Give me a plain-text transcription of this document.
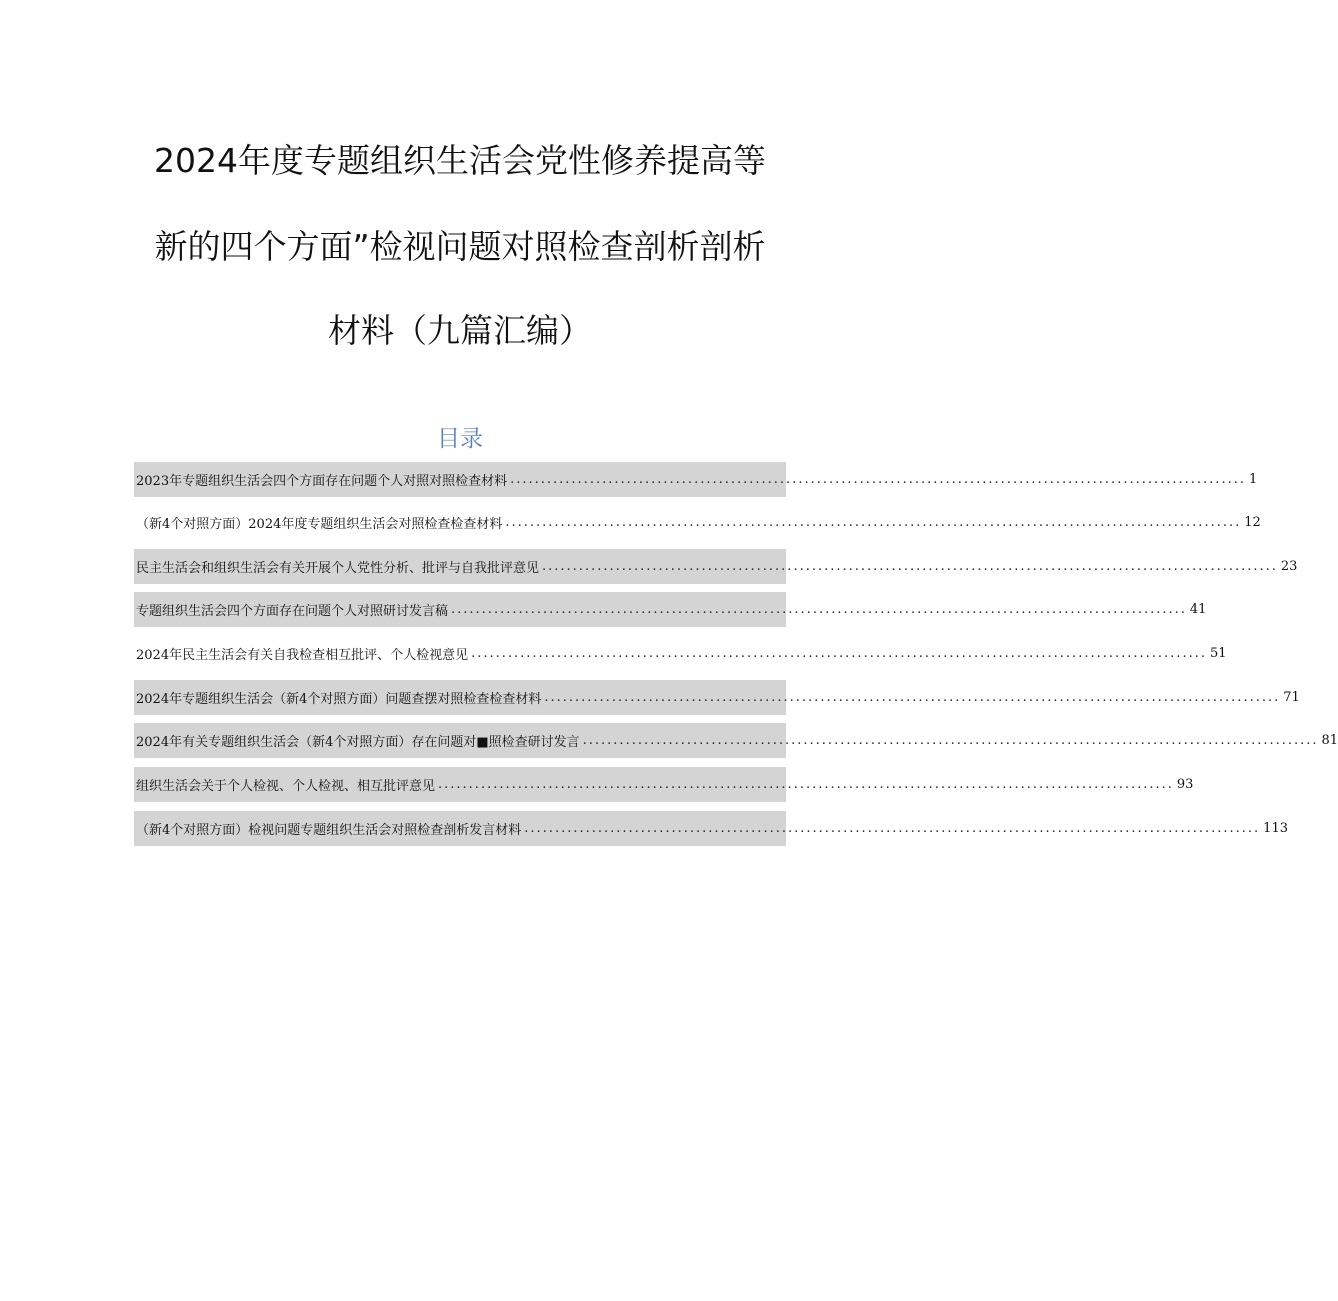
2024年度专题组织生活会党性修养提高等
新的四个方面”检视问题对照检查剖析剖析
材料（九篇汇编）
目录
2023年专题组织生活会四个方面存在问题个人对照对照检查材料 ........................................................................................................................ 1
（新4个对照方面）2024年度专题组织生活会对照检查检查材料 ........................................................................................................................ 12
民主生活会和组织生活会有关开展个人党性分析、批评与自我批评意见 ........................................................................................................................ 23
专题组织生活会四个方面存在问题个人对照研讨发言稿 ........................................................................................................................ 41
2024年民主生活会有关自我检查相互批评、个人检视意见 ........................................................................................................................ 51
2024年专题组织生活会（新4个对照方面）问题查摆对照检查检查材料 ........................................................................................................................ 71
2024年有关专题组织生活会（新4个对照方面）存在问题对■照检查研讨发言 ........................................................................................................................ 81
组织生活会关于个人检视、个人检视、相互批评意见 ........................................................................................................................ 93
（新4个对照方面）检视问题专题组织生活会对照检查剖析发言材料 ........................................................................................................................ 113
